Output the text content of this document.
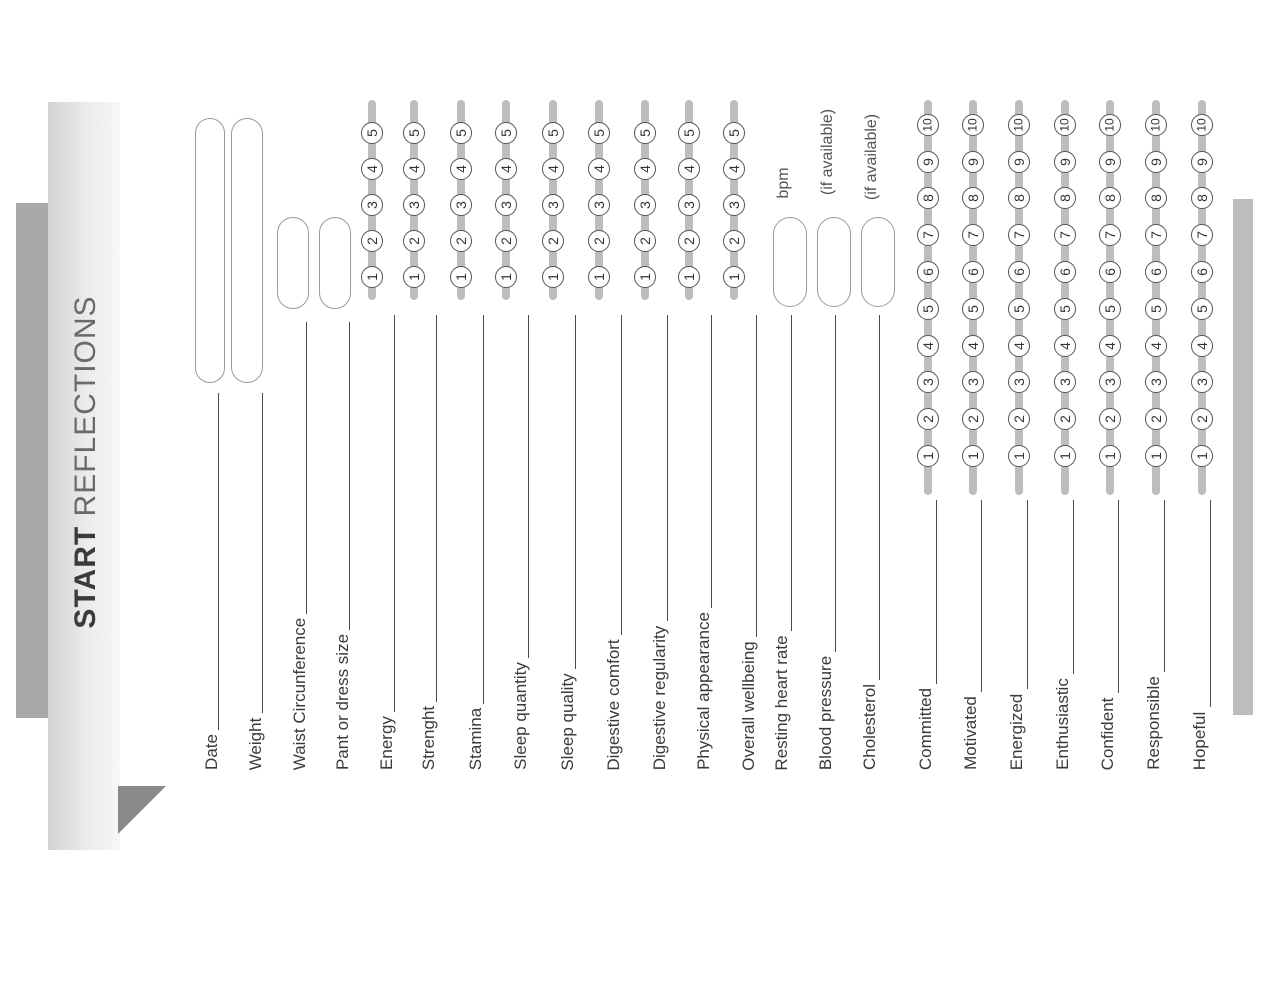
START REFLECTIONS
Date Weight Waist Circunference Pant or dress size Energy
1
2
3
4
5
Strenght
1
2
3
4
5
Stamina
1
2
3
4
5
Sleep quantity
1
2
3
4
5
Sleep quality
1
2
3
4
5
Digestive comfort
1
2
3
4
5
Digestive regularity
1
2
3
4
5
Physical appearance
1
2
3
4
5
Overall wellbeing
1
2
3
4
5
Resting heart rate
bpm
Blood pressure
(if available)
Cholesterol
(if available)
Committed
1
2
3
4
5
6
7
8
9
10
Motivated
1
2
3
4
5
6
7
8
9
10
Energized
1
2
3
4
5
6
7
8
9
10
Enthusiastic
1
2
3
4
5
6
7
8
9
10
Confident
1
2
3
4
5
6
7
8
9
10
Responsible
1
2
3
4
5
6
7
8
9
10
Hopeful
1
2
3
4
5
6
7
8
9
10
